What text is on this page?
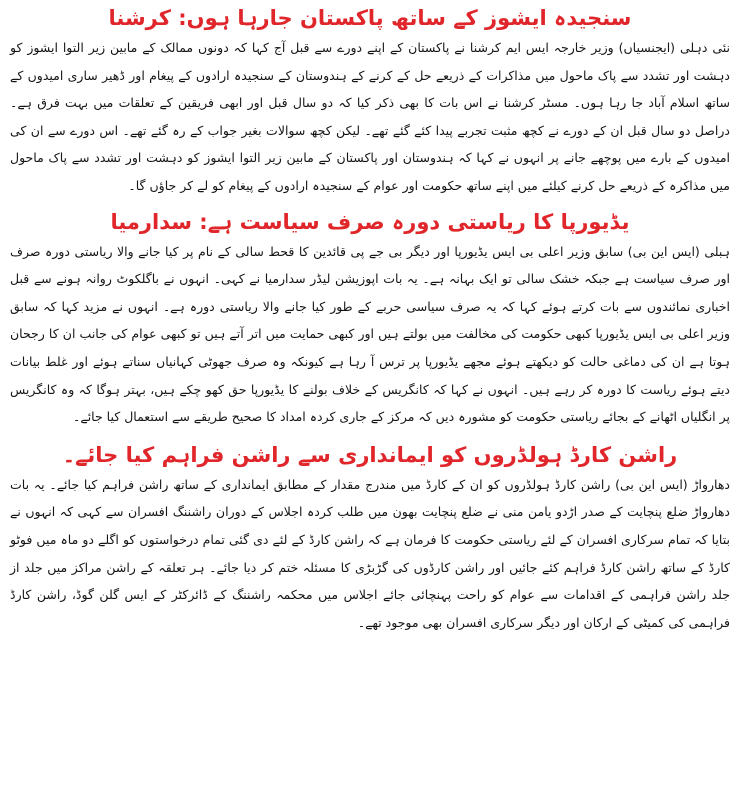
سنجیدہ ایشوز کے ساتھ پاکستان جارہا ہوں: کرشنا

نئی دہلی (ایجنسیاں) وزیر خارجہ ایس ایم کرشنا نے پاکستان کے اپنے دورے سے قبل آج کہا کہ دونوں ممالک کے مابین زیر التوا ایشوز کو دہشت اور تشدد سے پاک ماحول میں مذاکرات کے ذریعے حل کے کرنے کے ہندوستان کے سنجیدہ ارادوں کے پیغام اور ڈھیر ساری امیدوں کے ساتھ اسلام آباد جا رہا ہوں۔ مسٹر کرشنا نے اس بات کا بھی ذکر کیا کہ دو سال قبل اور ابھی فریقین کے تعلقات میں بہت فرق ہے۔ دراصل دو سال قبل ان کے دورے نے کچھ مثبت تجربے پیدا کئے گئے تھے۔ لیکن کچھ سوالات بغیر جواب کے رہ گئے تھے۔ اس دورے سے ان کی امیدوں کے بارے میں پوچھے جانے پر انہوں نے کہا کہ ہندوستان اور پاکستان کے مابین زیر التوا ایشوز کو دہشت اور تشدد سے پاک ماحول میں مذاکرہ کے ذریعے حل کرنے کیلئے میں اپنے ساتھ حکومت اور عوام کے سنجیدہ ارادوں کے پیغام کو لے کر جاؤں گا۔

یڈیورپا کا ریاستی دورہ صرف سیاست ہے: سدارمیا

ہبلی (ایس این بی) سابق وزیر اعلی بی ایس یڈیورپا اور دیگر بی جے پی قائدین کا قحط سالی کے نام پر کیا جانے والا ریاستی دورہ صرف اور صرف سیاست ہے جبکہ خشک سالی تو ایک بہانہ ہے۔ یہ بات اپوزیشن لیڈر سدارمیا نے کہی۔ انہوں نے باگلکوٹ روانہ ہونے سے قبل اخباری نمائندوں سے بات کرتے ہوئے کہا کہ یہ صرف سیاسی حربے کے طور کیا جانے والا ریاستی دورہ ہے۔ انہوں نے مزید کہا کہ سابق وزیر اعلی بی ایس یڈیورپا کبھی حکومت کی مخالفت میں بولتے ہیں اور کبھی حمایت میں اتر آتے ہیں تو کبھی عوام کی جانب ان کا رجحان ہوتا ہے ان کی دماغی حالت کو دیکھتے ہوئے مجھے یڈیورپا پر ترس آ رہا ہے کیونکہ وہ صرف جھوٹی کہانیاں سناتے ہوئے اور غلط بیانات دیتے ہوئے ریاست کا دورہ کر رہے ہیں۔ انہوں نے کہا کہ کانگریس کے خلاف بولنے کا یڈیورپا حق کھو چکے ہیں، بہتر ہوگا کہ وہ کانگریس پر انگلیاں اٹھانے کے بجائے ریاستی حکومت کو مشورہ دیں کہ مرکز کے جاری کردہ امداد کا صحیح طریقے سے استعمال کیا جائے۔

راشن کارڈ ہولڈروں کو ایمانداری سے راشن فراہم کیا جائے۔

دھارواڑ (ایس این بی) راشن کارڈ ہولڈروں کو ان کے کارڈ میں مندرج مقدار کے مطابق ایمانداری کے ساتھ راشن فراہم کیا جائے۔ یہ بات دھارواڑ ضلع پنچایت کے صدر اڑدو یامن منی نے ضلع پنچایت بھون میں طلب کردہ اجلاس کے دوران راشننگ افسران سے کہی کہ انہوں نے بتایا کہ تمام سرکاری افسران کے لئے ریاستی حکومت کا فرمان ہے کہ راشن کارڈ کے لئے دی گئی تمام درخواستوں کو اگلے دو ماہ میں فوٹو کارڈ کے ساتھ راشن کارڈ فراہم کئے جائیں اور راشن کارڈوں کی گڑبڑی کا مسئلہ ختم کر دیا جائے۔ ہر تعلقہ کے راشن مراکز میں جلد از جلد راشن فراہمی کے اقدامات سے عوام کو راحت پہنچائی جائے اجلاس میں محکمہ راشننگ کے ڈائرکٹر کے ایس گلن گوڈ، راشن کارڈ فراہمی کی کمیٹی کے ارکان اور دیگر سرکاری افسران بھی موجود تھے۔
